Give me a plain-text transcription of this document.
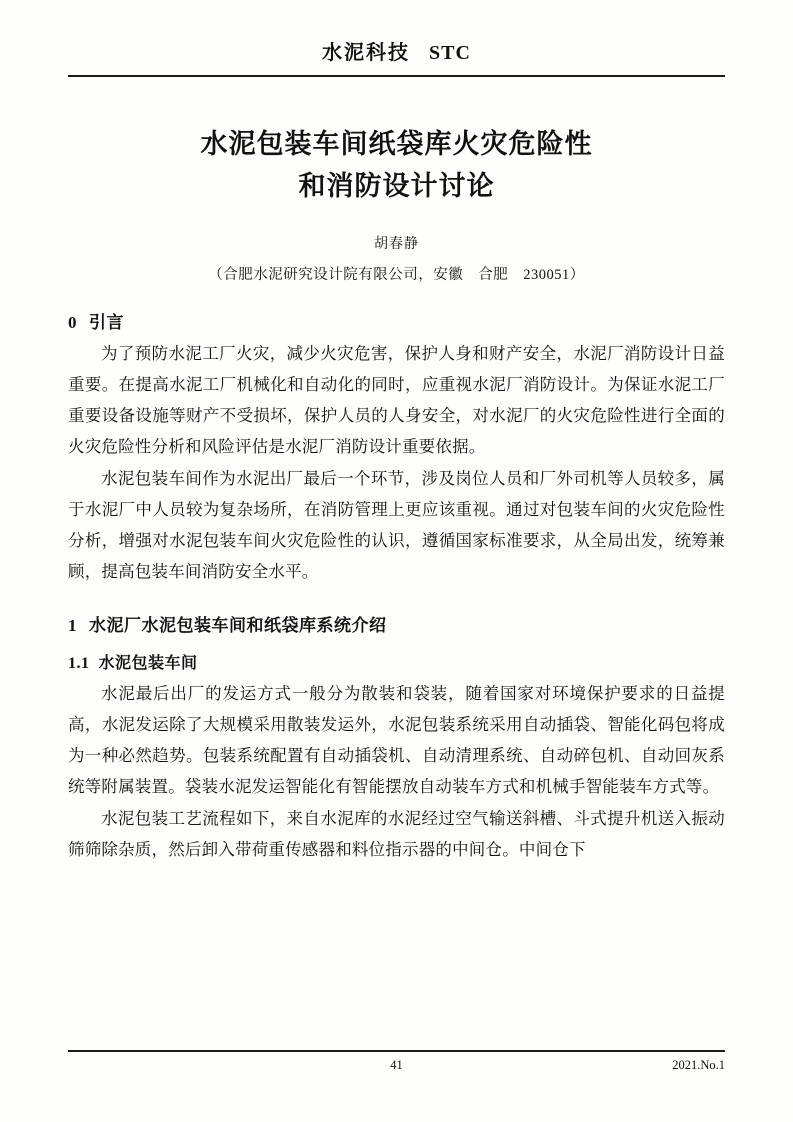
水泥科技 STC
水泥包装车间纸袋库火灾危险性
和消防设计讨论
胡春静
（合肥水泥研究设计院有限公司，安徽　合肥　230051）
0 引言

为了预防水泥工厂火灾，减少火灾危害，保护人身和财产安全，水泥厂消防设计日益重要。在提高水泥工厂机械化和自动化的同时，应重视水泥厂消防设计。为保证水泥工厂重要设备设施等财产不受损坏，保护人员的人身安全，对水泥厂的火灾危险性进行全面的火灾危险性分析和风险评估是水泥厂消防设计重要依据。

水泥包装车间作为水泥出厂最后一个环节，涉及岗位人员和厂外司机等人员较多，属于水泥厂中人员较为复杂场所，在消防管理上更应该重视。通过对包装车间的火灾危险性分析，增强对水泥包装车间火灾危险性的认识，遵循国家标准要求，从全局出发，统筹兼顾，提高包装车间消防安全水平。

1 水泥厂水泥包装车间和纸袋库系统介绍
1.1 水泥包装车间

水泥最后出厂的发运方式一般分为散装和袋装，随着国家对环境保护要求的日益提高，水泥发运除了大规模采用散装发运外，水泥包装系统采用自动插袋、智能化码包将成为一种必然趋势。包装系统配置有自动插袋机、自动清理系统、自动碎包机、自动回灰系统等附属装置。袋装水泥发运智能化有智能摆放自动装车方式和机械手智能装车方式等。

水泥包装工艺流程如下，来自水泥库的水泥经过空气输送斜槽、斗式提升机送入振动筛筛除杂质，然后卸入带荷重传感器和料位指示器的中间仓。中间仓下

41	2021.No.1
